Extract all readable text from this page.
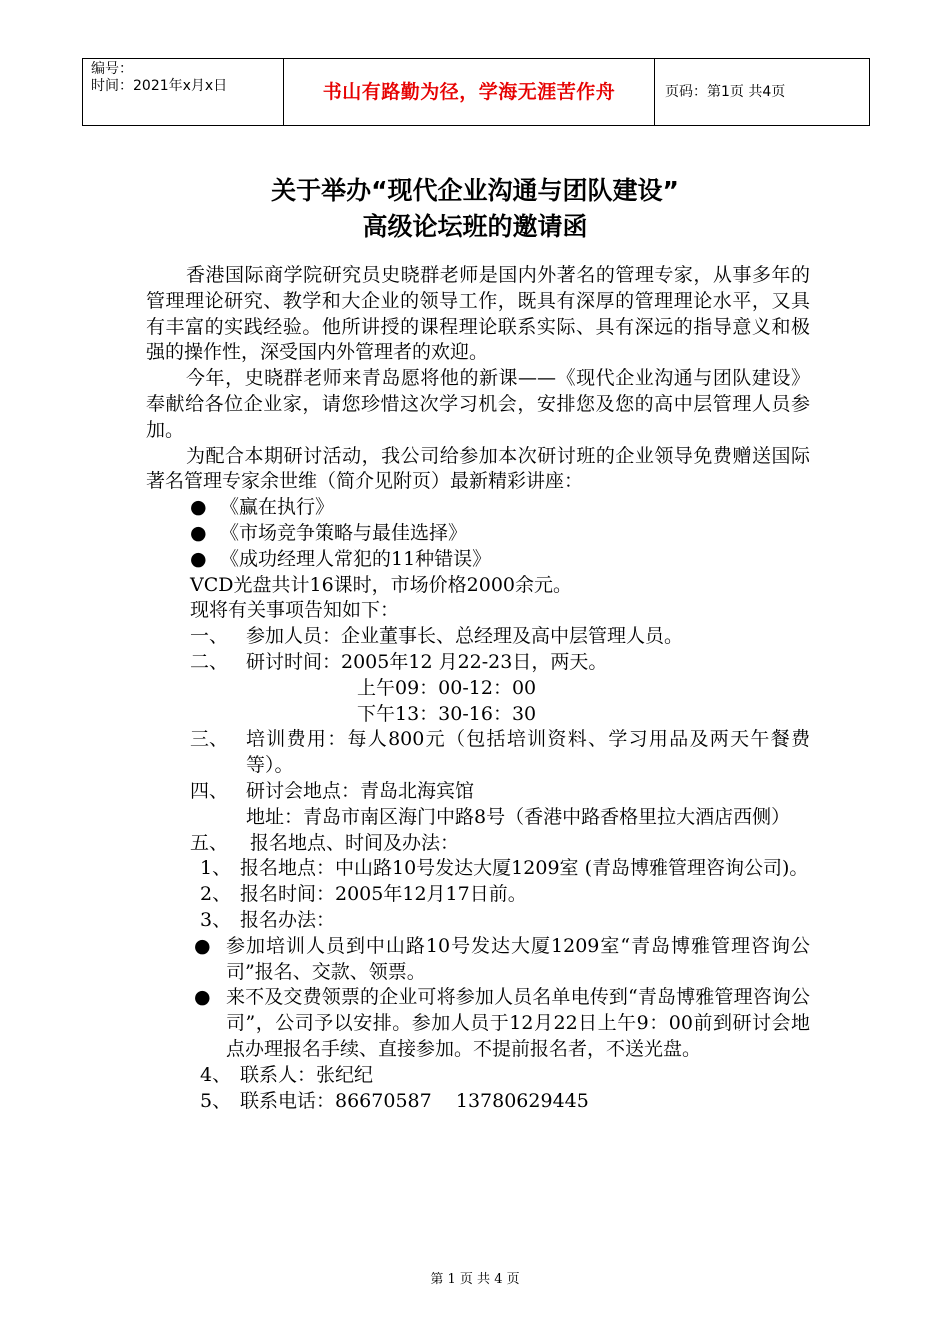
编号：
时间：2021年x月x日	书山有路勤为径，学海无涯苦作舟	页码：第1页 共4页
关于举办“现代企业沟通与团队建设”
高级论坛班的邀请函
香港国际商学院研究员史晓群老师是国内外著名的管理专家，从事多年的管理理论研究、教学和大企业的领导工作，既具有深厚的管理理论水平，又具有丰富的实践经验。他所讲授的课程理论联系实际、具有深远的指导意义和极强的操作性，深受国内外管理者的欢迎。
今年，史晓群老师来青岛愿将他的新课——《现代企业沟通与团队建设》奉献给各位企业家，请您珍惜这次学习机会，安排您及您的高中层管理人员参加。
为配合本期研讨活动，我公司给参加本次研讨班的企业领导免费赠送国际著名管理专家余世维（简介见附页）最新精彩讲座：
● 《赢在执行》
● 《市场竞争策略与最佳选择》
● 《成功经理人常犯的11种错误》
VCD光盘共计16课时，市场价格2000余元。
现将有关事项告知如下：
一、 参加人员：企业董事长、总经理及高中层管理人员。
二、 研讨时间：2005年12 月22-23日，两天。
上午09：00-12：00
下午13：30-16：30
三、 培训费用：每人800元（包括培训资料、学习用品及两天午餐费等）。
四、 研讨会地点：青岛北海宾馆
地址：青岛市南区海门中路8号（香港中路香格里拉大酒店西侧）
五、	报名地点、时间及办法：
1、 报名地点：中山路10号发达大厦1209室 (青岛博雅管理咨询公司)。
2、 报名时间：2005年12月17日前。
3、 报名办法：
● 参加培训人员到中山路10号发达大厦1209室“青岛博雅管理咨询公司”报名、交款、领票。
● 来不及交费领票的企业可将参加人员名单电传到“青岛博雅管理咨询公司”，公司予以安排。参加人员于12月22日上午9：00前到研讨会地点办理报名手续、直接参加。不提前报名者，不送光盘。
4、 联系人：张纪纪
5、 联系电话：86670587    13780629445
第 1 页 共 4 页
